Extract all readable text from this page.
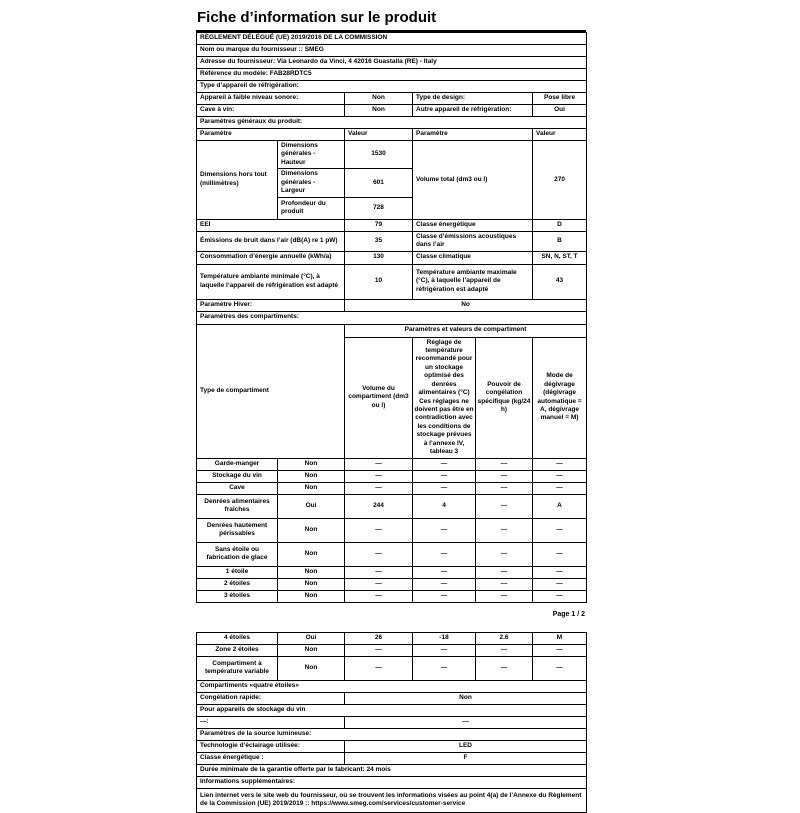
Fiche d’information sur le produit
RÈGLEMENT DÉLÉGUÉ (UE) 2019/2016 DE LA COMMISSION					
Nom ou marque du fournisseur :: SMEG					
Adresse du fournisseur: Via Leonardo da Vinci, 4 42016 Guastalla (RE) - Italy					
Référence du modèle: FAB28RDTC5					
Type d’appareil de réfrigération:					
Appareil à faible niveau sonore:		Non	Type de design:		Pose libre
Cave à vin:		Non	Autre appareil de réfrigération:		Oui
Paramètres généraux du produit:					
Paramètre		Valeur	Paramètre		Valeur
Dimensions hors tout (millimètres)	Dimensions générales - Hauteur	1530	Volume total (dm3 ou l)		270
	Dimensions générales - Largeur	601			
	Profondeur du produit	728			
EEI		79	Classe énergétique		D
Émissions de bruit dans l’air (dB(A) re 1 pW)		35	Classe d’émissions acoustiques dans l’air		B
Consommation d’énergie annuelle (kWh/a)		130	Classe climatique		SN, N, ST, T
Température ambiante minimale (°C), à laquelle l’appareil de réfrigération est adapté		10	Température ambiante maximale (°C), à laquelle l’appareil de réfrigération est adapté		43
Paramètre Hiver:		No			
Paramètres des compartiments:					
Type de compartiment		Paramètres et valeurs de compartiment			
		Volume du compartiment (dm3 ou l)	Réglage de température recommandé pour un stockage optimisé des denrées alimentaires (°C) Ces réglages ne doivent pas être en contradiction avec les conditions de stockage prévues à l’annexe IV, tableau 3	Pouvoir de congélation spécifique (kg/24 h)	Mode de dégivrage (dégivrage automatique = A, dégivrage manuel = M)
Garde-manger	Non	—	—	—	—
Stockage du vin	Non	—	—	—	—
Cave	Non	—	—	—	—
Denrées alimentaires fraîches	Oui	244	4	—	A
Denrées hautement périssables	Non	—	—	—	—
Sans étoile ou fabrication de glace	Non	—	—	—	—
1 étoile	Non	—	—	—	—
2 étoiles	Non	—	—	—	—
3 étoiles	Non	—	—	—	—
Page 1 / 2
4 étoiles	Oui	26	-18	2.6	M
Zone 2 étoiles	Non	—	—	—	—
Compartiment à température variable	Non	—	—	—	—
Compartiments «quatre étoiles»					
Congélation rapide:		Non			
Pour appareils de stockage du vin					
—:		—			
Paramètres de la source lumineuse:					
Technologie d’éclairage utilisée:		LED			
Classe énergétique :		F			
Durée minimale de la garantie offerte par le fabricant: 24 mois					
Informations supplémentaires:					
Lien internet vers le site web du fournisseur, où se trouvent les informations visées au point 4(a) de l’Annexe du Règlement de la Commission (UE) 2019/2019 :: https://www.smeg.com/services/customer-service					
